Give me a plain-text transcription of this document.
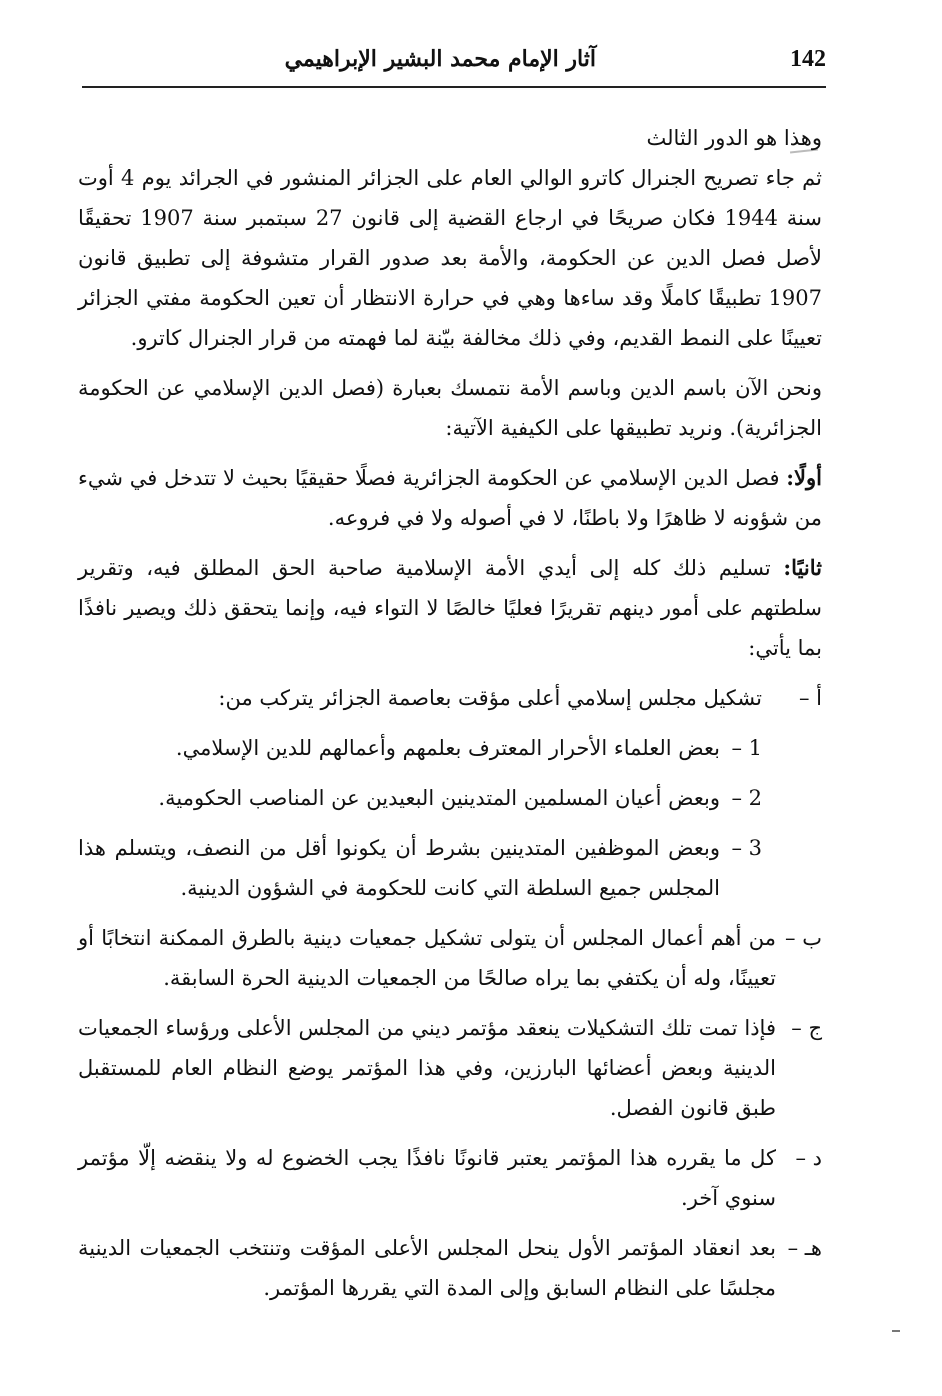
آثار الإمام محمد البشير الإبراهيمي	142

وهذا هو الدور الثالث

ثم جاء تصريح الجنرال كاترو الوالي العام على الجزائر المنشور في الجرائد يوم 4 أوت سنة 1944 فكان صريحًا في ارجاع القضية إلى قانون 27 سبتمبر سنة 1907 تحقيقًا لأصل فصل الدين عن الحكومة، والأمة بعد صدور القرار متشوفة إلى تطبيق قانون 1907 تطبيقًا كاملًا وقد ساءها وهي في حرارة الانتظار أن تعين الحكومة مفتي الجزائر تعيينًا على النمط القديم، وفي ذلك مخالفة بيّنة لما فهمته من قرار الجنرال كاترو.

ونحن الآن باسم الدين وباسم الأمة نتمسك بعبارة (فصل الدين الإسلامي عن الحكومة الجزائرية). ونريد تطبيقها على الكيفية الآتية:

أولًا: فصل الدين الإسلامي عن الحكومة الجزائرية فصلًا حقيقيًا بحيث لا تتدخل في شيء من شؤونه لا ظاهرًا ولا باطنًا، لا في أصوله ولا في فروعه.

ثانيًا: تسليم ذلك كله إلى أيدي الأمة الإسلامية صاحبة الحق المطلق فيه، وتقرير سلطتهم على أمور دينهم تقريرًا فعليًا خالصًا لا التواء فيه، وإنما يتحقق ذلك ويصير نافذًا بما يأتي:

أ –
تشكيل مجلس إسلامي أعلى مؤقت بعاصمة الجزائر يتركب من:
1 –
بعض العلماء الأحرار المعترف بعلمهم وأعمالهم للدين الإسلامي.
2 –
وبعض أعيان المسلمين المتدينين البعيدين عن المناصب الحكومية.
3 –
وبعض الموظفين المتدينين بشرط أن يكونوا أقل من النصف، ويتسلم هذا المجلس جميع السلطة التي كانت للحكومة في الشؤون الدينية.
ب –
من أهم أعمال المجلس أن يتولى تشكيل جمعيات دينية بالطرق الممكنة انتخابًا أو تعيينًا، وله أن يكتفي بما يراه صالحًا من الجمعيات الدينية الحرة السابقة.
ج –
فإذا تمت تلك التشكيلات ينعقد مؤتمر ديني من المجلس الأعلى ورؤساء الجمعيات الدينية وبعض أعضائها البارزين، وفي هذا المؤتمر يوضع النظام العام للمستقبل طبق قانون الفصل.
د –
كل ما يقرره هذا المؤتمر يعتبر قانونًا نافذًا يجب الخضوع له ولا ينقضه إلّا مؤتمر سنوي آخر.
هـ –
بعد انعقاد المؤتمر الأول ينحل المجلس الأعلى المؤقت وتنتخب الجمعيات الدينية مجلسًا على النظام السابق وإلى المدة التي يقررها المؤتمر.
